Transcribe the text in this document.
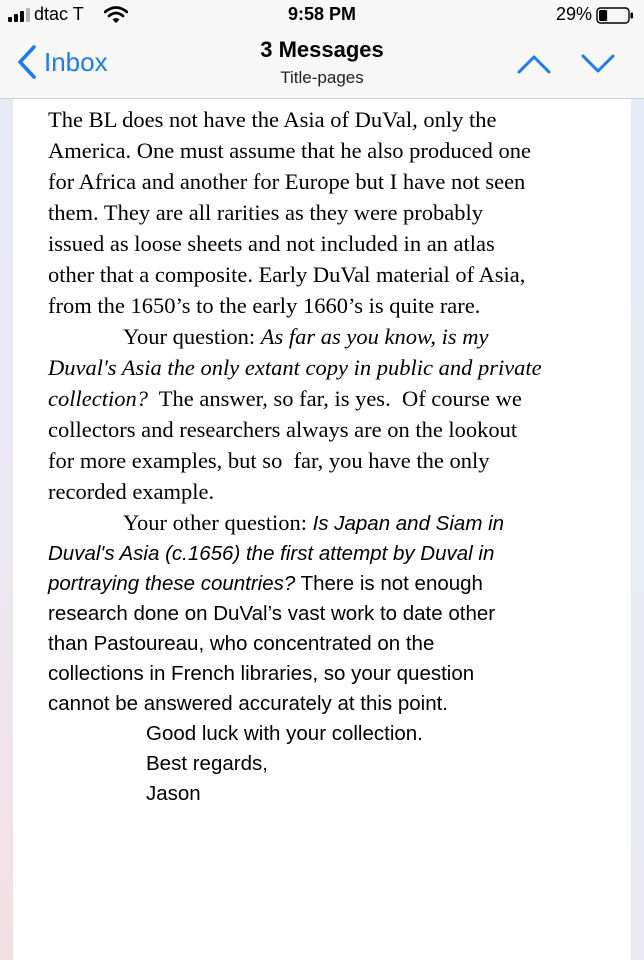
dtac T	9:58 PM	29%
Inbox	3 Messages
Title-pages
The BL does not have the Asia of DuVal, only the
America. One must assume that he also produced one
for Africa and another for Europe but I have not seen
them. They are all rarities as they were probably
issued as loose sheets and not included in an atlas
other that a composite. Early DuVal material of Asia,
from the 1650’s to the early 1660’s is quite rare.
Your question: As far as you know, is my
Duval's Asia the only extant copy in public and private
collection?  The answer, so far, is yes.  Of course we
collectors and researchers always are on the lookout
for more examples, but so  far, you have the only
recorded example.
Your other question: Is Japan and Siam in
Duval's Asia (c.1656) the first attempt by Duval in
portraying these countries? There is not enough
research done on DuVal’s vast work to date other
than Pastoureau, who concentrated on the
collections in French libraries, so your question
cannot be answered accurately at this point.
Good luck with your collection.
Best regards,
Jason
